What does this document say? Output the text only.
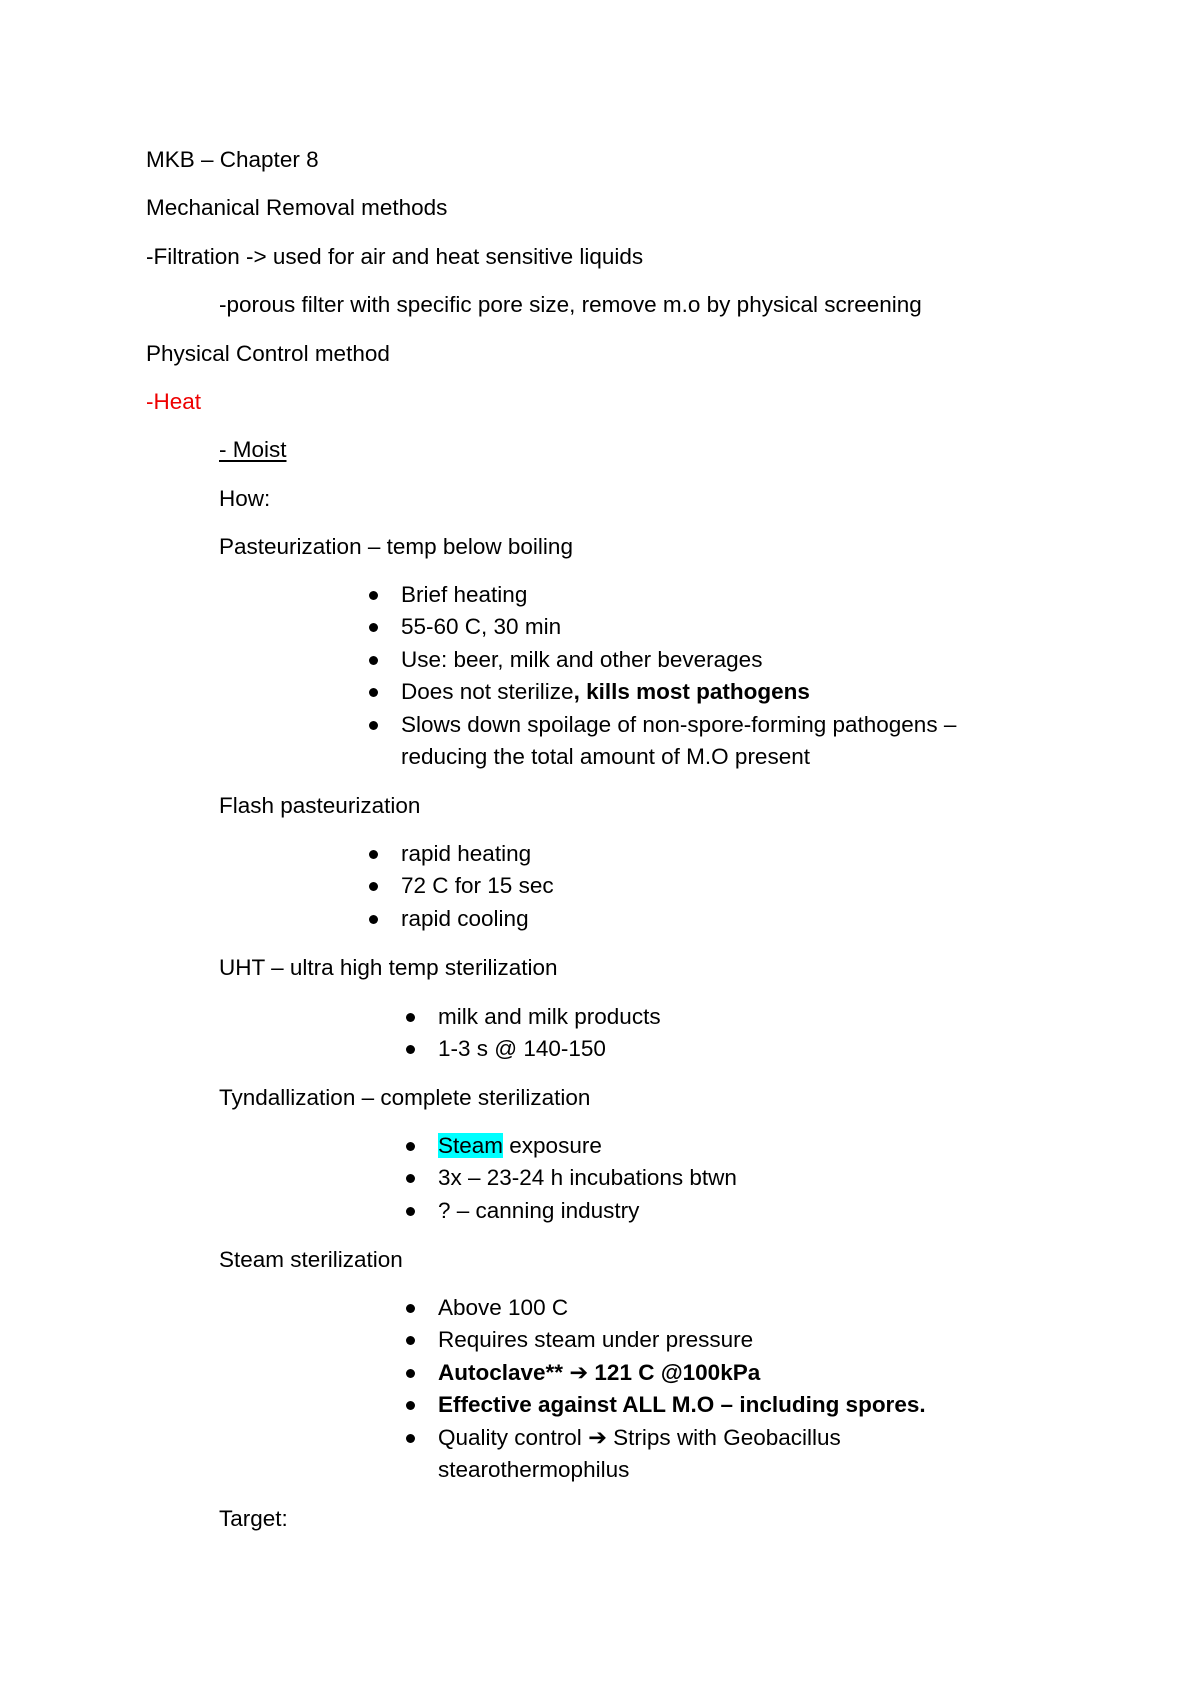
MKB – Chapter 8

Mechanical Removal methods

-Filtration -> used for air and heat sensitive liquids

-porous filter with specific pore size, remove m.o by physical screening

Physical Control method

-Heat

- Moist

How:

Pasteurization – temp below boiling

Brief heating
55-60 C, 30 min
Use: beer, milk and other beverages
Does not sterilize, kills most pathogens
Slows down spoilage of non-spore-forming pathogens –
reducing the total amount of M.O present

Flash pasteurization

rapid heating
72 C for 15 sec
rapid cooling

UHT – ultra high temp sterilization

milk and milk products
1-3 s @ 140-150

Tyndallization – complete sterilization

Steam exposure
3x – 23-24 h incubations btwn
? – canning industry

Steam sterilization

Above 100 C
Requires steam under pressure
Autoclave** ➔ 121 C @100kPa
Effective against ALL M.O – including spores.
Quality control ➔ Strips with Geobacillus
stearothermophilus

Target:
